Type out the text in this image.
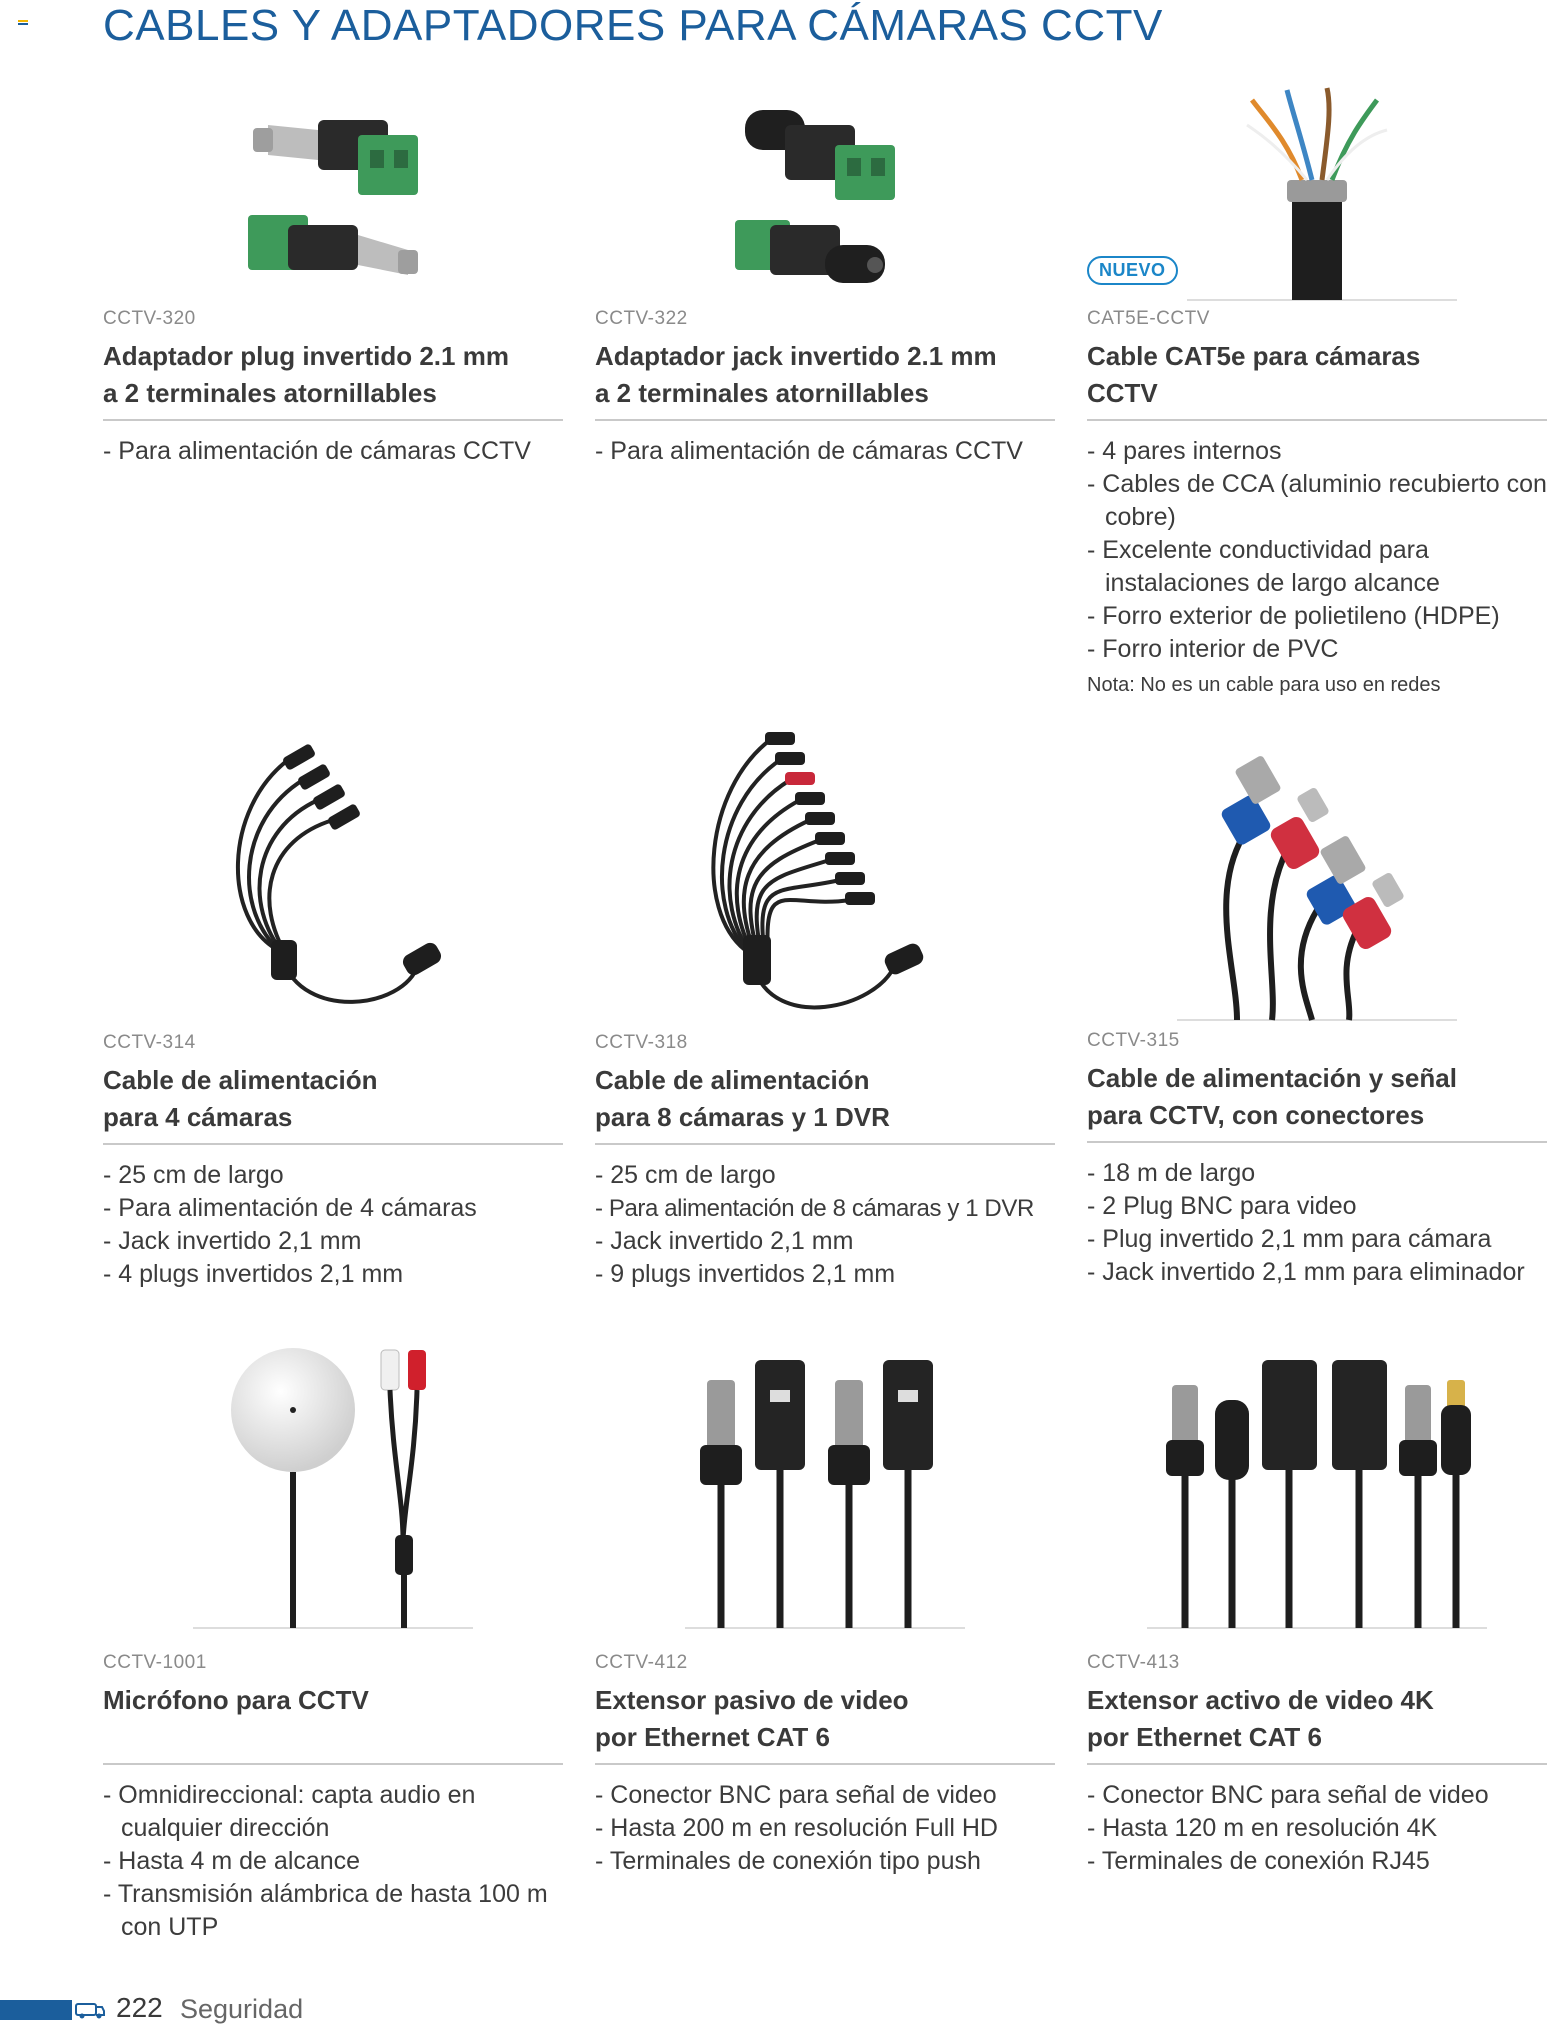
CABLES Y ADAPTADORES PARA CÁMARAS CCTV
CCTV-320
Adaptador plug invertido 2.1 mm
a 2 terminales atornillables
- Para alimentación de cámaras CCTV
CCTV-322
Adaptador jack invertido 2.1 mm
a 2 terminales atornillables
- Para alimentación de cámaras CCTV
NUEVO
CAT5E-CCTV
Cable CAT5e para cámaras
CCTV
- 4 pares internos
- Cables de CCA (aluminio recubierto con cobre)
- Excelente conductividad para instalaciones de largo alcance
- Forro exterior de polietileno (HDPE)
- Forro interior de PVC
Nota: No es un cable para uso en redes
CCTV-314
Cable de alimentación
para 4 cámaras
- 25 cm de largo
- Para alimentación de 4 cámaras
- Jack invertido 2,1 mm
- 4 plugs invertidos 2,1 mm
CCTV-318
Cable de alimentación
para 8 cámaras y 1 DVR
- 25 cm de largo
- Para alimentación de 8 cámaras y 1 DVR
- Jack invertido 2,1 mm
- 9 plugs invertidos 2,1 mm
CCTV-315
Cable de alimentación y señal
para CCTV, con conectores
- 18 m de largo
- 2 Plug BNC para video
- Plug invertido 2,1 mm para cámara
- Jack invertido 2,1 mm para eliminador
CCTV-1001
Micrófono para CCTV
- Omnidireccional: capta audio en cualquier dirección
- Hasta 4 m de alcance
- Transmisión alámbrica de hasta 100 m con UTP
CCTV-412
Extensor pasivo de video
por Ethernet CAT 6
- Conector BNC para señal de video
- Hasta 200 m en resolución Full HD
- Terminales de conexión tipo push
CCTV-413
Extensor activo de video 4K
por Ethernet CAT 6
- Conector BNC para señal de video
- Hasta 120 m en resolución 4K
- Terminales de conexión RJ45
222 Seguridad
